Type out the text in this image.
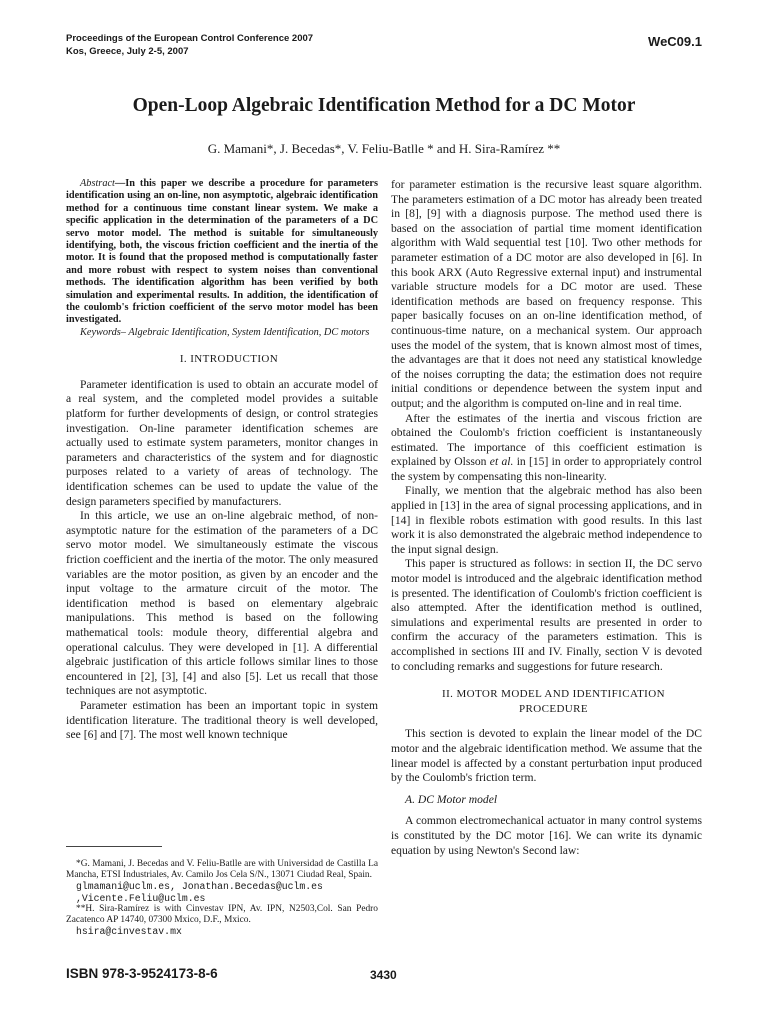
Proceedings of the European Control Conference 2007
Kos, Greece, July 2-5, 2007
WeC09.1
Open-Loop Algebraic Identification Method for a DC Motor
G. Mamani*, J. Becedas*, V. Feliu-Batlle * and H. Sira-Ramírez **

Abstract—In this paper we describe a procedure for parameters identification using an on-line, non asymptotic, algebraic identification method for a continuous time constant linear system. We make a specific application in the determination of the parameters of a DC servo motor model. The method is suitable for simultaneously identifying, both, the viscous friction coefficient and the inertia of the motor. It is found that the proposed method is computationally faster and more robust with respect to system noises than conventional methods. The identification algorithm has been verified by both simulation and experimental results. In addition, the identification of the coulomb's friction coefficient of the servo motor model has been investigated.

Keywords– Algebraic Identification, System Identification, DC motors

I. INTRODUCTION

Parameter identification is used to obtain an accurate model of a real system, and the completed model provides a suitable platform for further developments of design, or control strategies investigation. On-line parameter identification schemes are actually used to estimate system parameters, monitor changes in parameters and characteristics of the system and for diagnostic purposes related to a variety of areas of technology. The identification schemes can be used to update the value of the design parameters specified by manufacturers.

In this article, we use an on-line algebraic method, of non-asymptotic nature for the estimation of the parameters of a DC servo motor model. We simultaneously estimate the viscous friction coefficient and the inertia of the motor. The only measured variables are the motor position, as given by an encoder and the input voltage to the armature circuit of the motor. The identification method is based on elementary algebraic manipulations. This method is based on the following mathematical tools: module theory, differential algebra and operational calculus. They were developed in [1]. A differential algebraic justification of this article follows similar lines to those encountered in [2], [3], [4] and also [5]. Let us recall that those techniques are not asymptotic.

Parameter estimation has been an important topic in system identification literature. The traditional theory is well developed, see [6] and [7]. The most well known technique

*G. Mamani, J. Becedas and V. Feliu-Batlle are with Universidad de Castilla La Mancha, ETSI Industriales, Av. Camilo Jos Cela S/N., 13071 Ciudad Real, Spain.

glmamani@uclm.es, Jonathan.Becedas@uclm.es

,Vicente.Feliu@uclm.es

**H. Sira-Ramírez is with Cinvestav IPN, Av. IPN, N2503,Col. San Pedro Zacatenco AP 14740, 07300 Mxico, D.F., Mxico.

hsira@cinvestav.mx

for parameter estimation is the recursive least square algorithm. The parameters estimation of a DC motor has already been treated in [8], [9] with a diagnosis purpose. The method used there is based on the association of partial time moment identification algorithm with Wald sequential test [10]. Two other methods for parameter estimation of a DC motor are also developed in [6]. In this book ARX (Auto Regressive external input) and instrumental variable structure models for a DC motor are used. These identification methods are based on frequency response. This paper basically focuses on an on-line identification method, of continuous-time nature, on a mechanical system. Our approach uses the model of the system, that is known almost most of times, the advantages are that it does not need any statistical knowledge of the noises corrupting the data; the estimation does not require initial conditions or dependence between the system input and output; and the algorithm is computed on-line and in real time.

After the estimates of the inertia and viscous friction are obtained the Coulomb's friction coefficient is instantaneously estimated. The importance of this coefficient estimation is explained by Olsson et al. in [15] in order to appropriately control the system by compensating this non-linearity.

Finally, we mention that the algebraic method has also been applied in [13] in the area of signal processing applications, and in [14] in flexible robots estimation with good results. In this last work it is also demonstrated the algebraic method independence to the input signal design.

This paper is structured as follows: in section II, the DC servo motor model is introduced and the algebraic identification method is presented. The identification of Coulomb's friction coefficient is also attempted. After the identification method is outlined, simulations and experimental results are presented in order to confirm the accuracy of the parameters estimation. This is accomplished in sections III and IV. Finally, section V is devoted to concluding remarks and suggestions for future research.

II. MOTOR MODEL AND IDENTIFICATION

PROCEDURE

This section is devoted to explain the linear model of the DC motor and the algebraic identification method. We assume that the linear model is affected by a constant perturbation input produced by the Coulomb's friction term.

A. DC Motor model

A common electromechanical actuator in many control systems is constituted by the DC motor [16]. We can write its dynamic equation by using Newton's Second law:

ISBN 978-3-9524173-8-6	3430
